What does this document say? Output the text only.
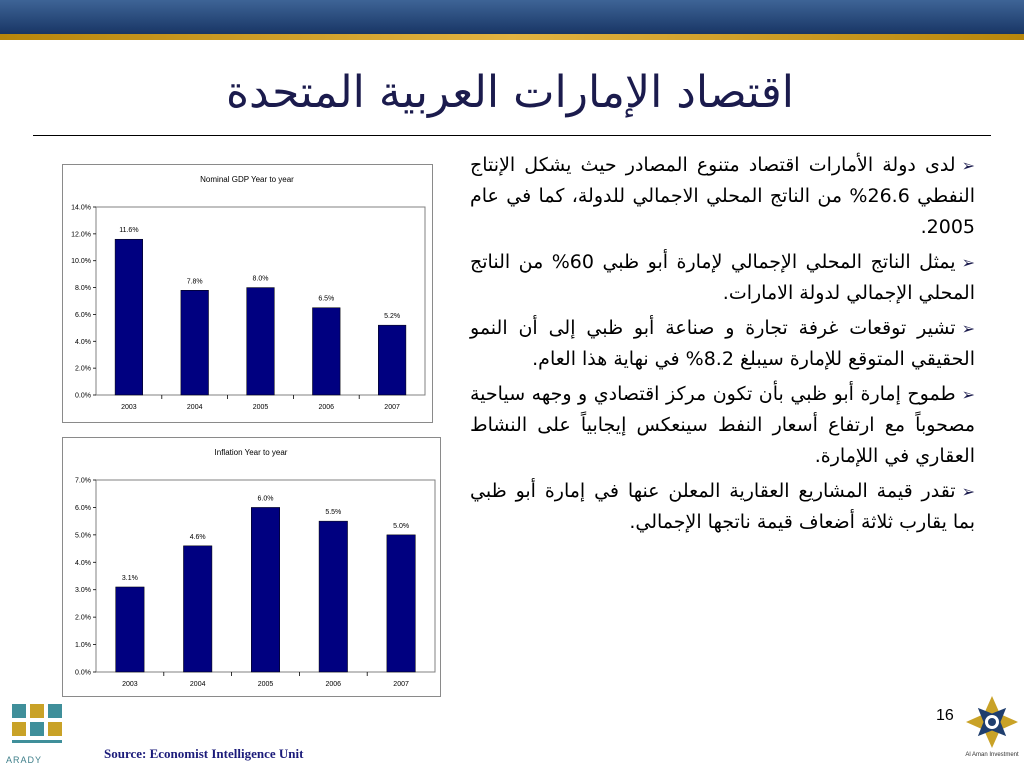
اقتصاد الإمارات العربية المتحدة
Nominal GDP Year to year
0.0%
2.0%
4.0%
6.0%
8.0%
10.0%
12.0%
14.0%
11.6%
2003
7.8%
2004
8.0%
2005
6.5%
2006
5.2%
2007
Inflation Year to year
0.0%
1.0%
2.0%
3.0%
4.0%
5.0%
6.0%
7.0%
3.1%
2003
4.6%
2004
6.0%
2005
5.5%
2006
5.0%
2007
➢لدى دولة الأمارات اقتصاد متنوع المصادر حيث يشكل الإنتاج النفطي 26.6% من الناتج المحلي الاجمالي للدولة، كما في عام 2005.
➢يمثل الناتج المحلي الإجمالي لإمارة أبو ظبي 60% من الناتج المحلي الإجمالي لدولة الامارات.
➢تشير توقعات غرفة تجارة و صناعة أبو ظبي إلى أن النمو الحقيقي المتوقع للإمارة سيبلغ 8.2% في نهاية هذا العام.
➢طموح إمارة أبو ظبي بأن تكون مركز اقتصادي و وجهه سياحية مصحوباً مع ارتفاع أسعار النفط سينعكس إيجابياً على النشاط العقاري في اللإمارة.
➢تقدر قيمة المشاريع العقارية المعلن عنها في إمارة أبو ظبي بما يقارب ثلاثة أضعاف قيمة ناتجها الإجمالي.
ARADY	Source: Economist Intelligence Unit
16
Al Aman Investment
